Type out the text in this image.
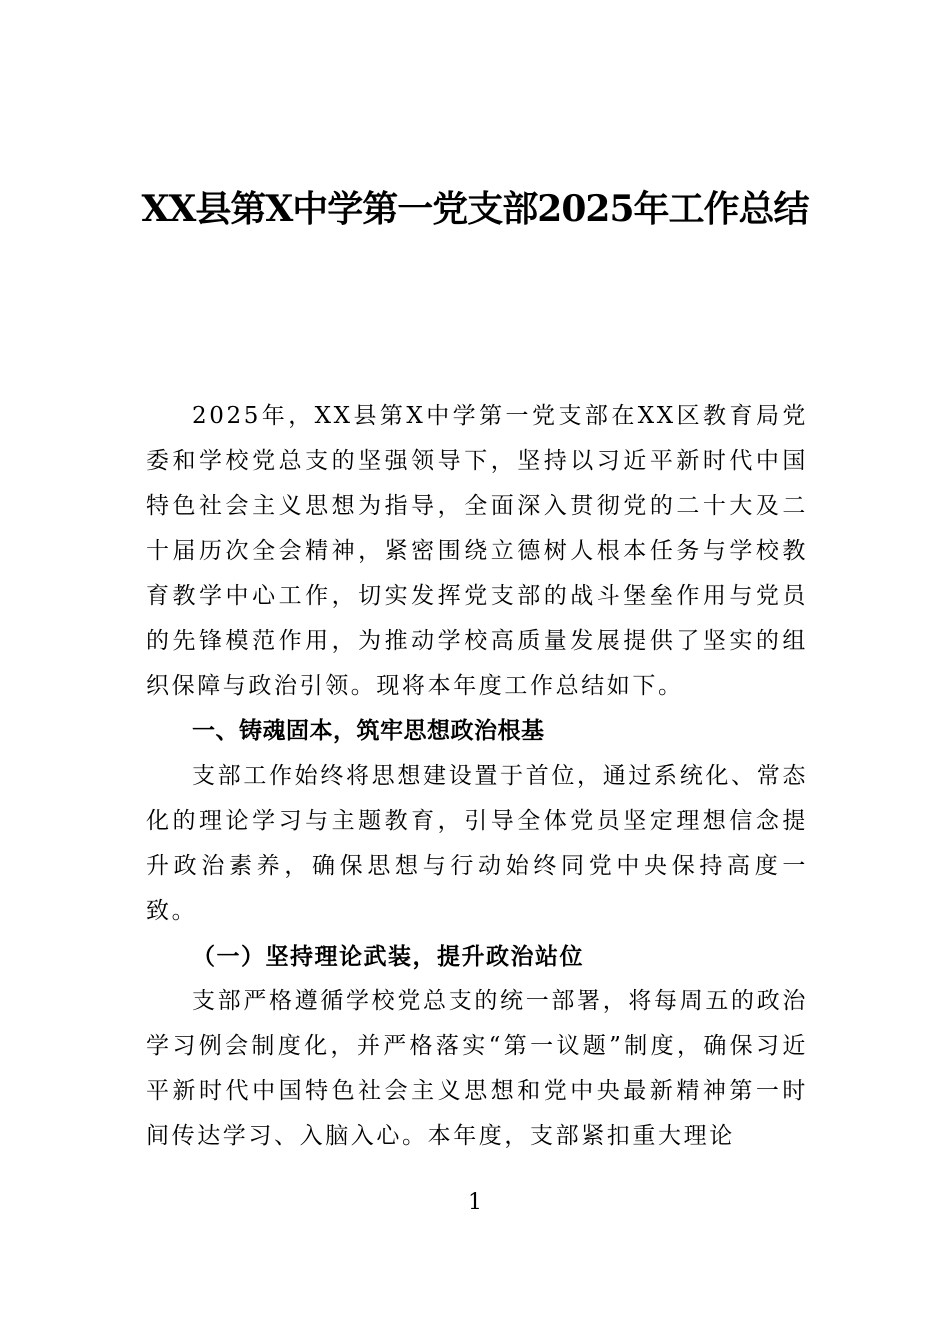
XX县第X中学第一党支部2025年工作总结

2025年，XX县第X中学第一党支部在XX区教育局党委和学校党总支的坚强领导下，坚持以习近平新时代中国特色社会主义思想为指导，全面深入贯彻党的二十大及二十届历次全会精神，紧密围绕立德树人根本任务与学校教育教学中心工作，切实发挥党支部的战斗堡垒作用与党员的先锋模范作用，为推动学校高质量发展提供了坚实的组织保障与政治引领。现将本年度工作总结如下。

一、铸魂固本，筑牢思想政治根基

支部工作始终将思想建设置于首位，通过系统化、常态化的理论学习与主题教育，引导全体党员坚定理想信念提升政治素养，确保思想与行动始终同党中央保持高度一致。

（一）坚持理论武装，提升政治站位

支部严格遵循学校党总支的统一部署，将每周五的政治学习例会制度化，并严格落实“第一议题”制度，确保习近平新时代中国特色社会主义思想和党中央最新精神第一时间传达学习、入脑入心。本年度，支部紧扣重大理论

1
